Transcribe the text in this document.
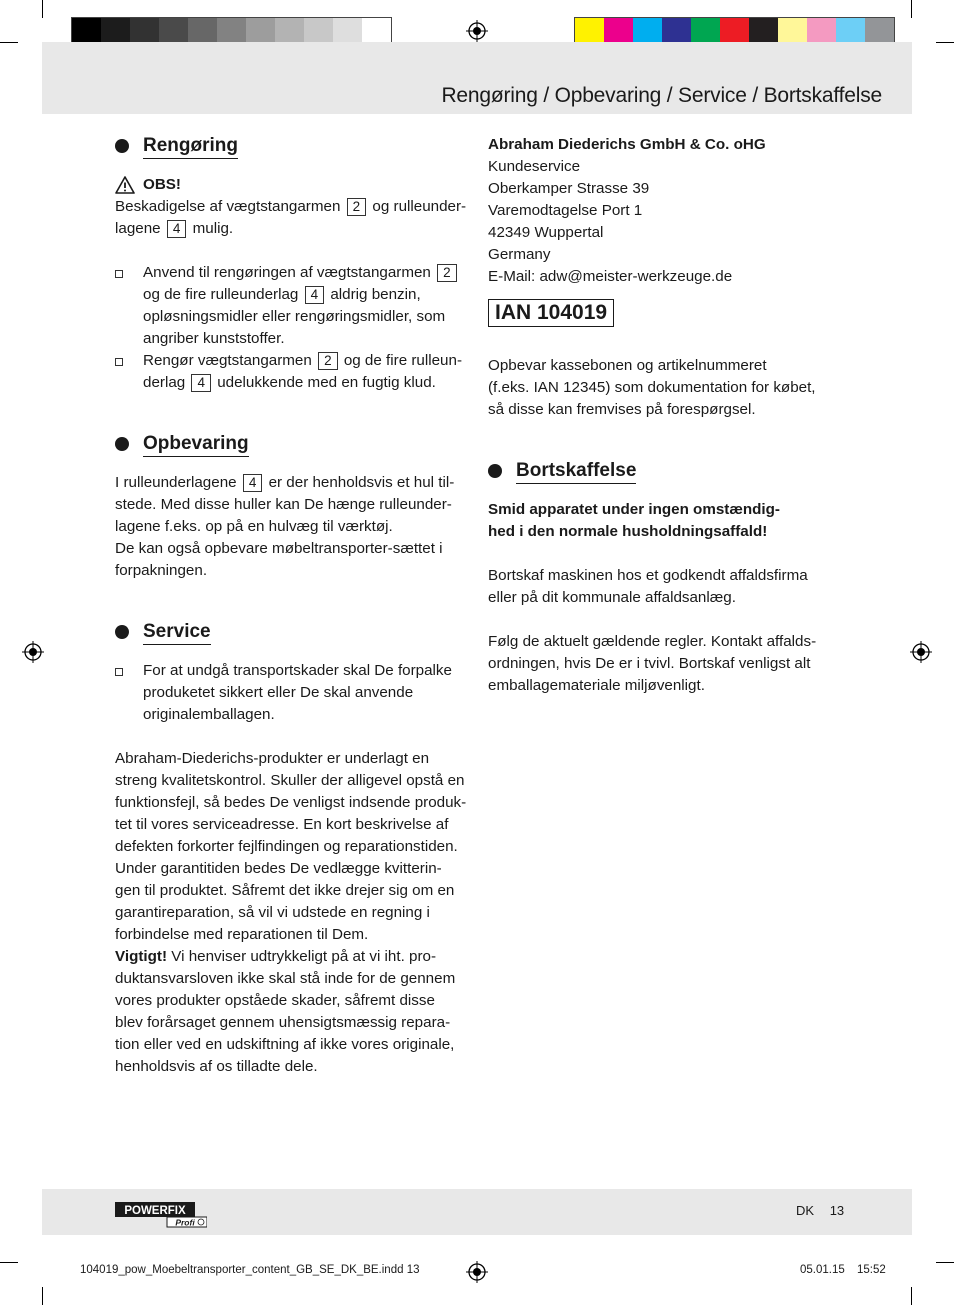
Rengøring / Opbevaring / Service / Bortskaffelse
Rengøring
OBS!
Beskadigelse af vægtstangarmen 2 og rulleunder-
lagene 4 mulig.
Anvend til rengøringen af vægtstangarmen 2
og de fire rulleunderlag 4 aldrig benzin,
opløsningsmidler eller rengøringsmidler, som
angriber kunststoffer.
Rengør vægtstangarmen 2 og de fire rulleun-
derlag 4 udelukkende med en fugtig klud.
Opbevaring
I rulleunderlagene 4 er der henholdsvis et hul til-
stede. Med disse huller kan De hænge rulleunder-
lagene f.eks. op på en hulvæg til værktøj.
De kan også opbevare møbeltransporter-sættet i
forpakningen.
Service
For at undgå transportskader skal De forpalke
produketet sikkert eller De skal anvende
originalemballagen.
Abraham-Diederichs-produkter er underlagt en
streng kvalitetskontrol. Skuller der alligevel opstå en
funktionsfejl, så bedes De venligst indsende produk-
tet til vores serviceadresse. En kort beskrivelse af
defekten forkorter fejlfindingen og reparationstiden.
Under garantitiden bedes De vedlægge kvitterin-
gen til produktet. Såfremt det ikke drejer sig om en
garantireparation, så vil vi udstede en regning i
forbindelse med reparationen til Dem.
Vigtigt! Vi henviser udtrykkeligt på at vi iht. pro-
duktansvarsloven ikke skal stå inde for de gennem
vores produkter opståede skader, såfremt disse
blev forårsaget gennem uhensigtsmæssig repara-
tion eller ved en udskiftning af ikke vores originale,
henholdsvis af os tilladte dele.
Abraham Diederichs GmbH & Co. oHG
Kundeservice
Oberkamper Strasse 39
Varemodtagelse Port 1
42349 Wuppertal
Germany
E-Mail: adw@meister-werkzeuge.de
IAN 104019
Opbevar kassebonen og artikelnummeret
(f.eks. IAN 12345) som dokumentation for købet,
så disse kan fremvises på forespørgsel.
Bortskaffelse
Smid apparatet under ingen omstændig-
hed i den normale husholdningsaffald!
Bortskaf maskinen hos et godkendt affaldsfirma
eller på dit kommunale affaldsanlæg.
Følg de aktuelt gældende regler. Kontakt affalds-
ordningen, hvis De er i tvivl. Bortskaf venligst alt
emballagemateriale miljøvenligt.
POWERFIX
Profi
DK 13
104019_pow_Moebeltransporter_content_GB_SE_DK_BE.indd 13	05.01.15 15:52
